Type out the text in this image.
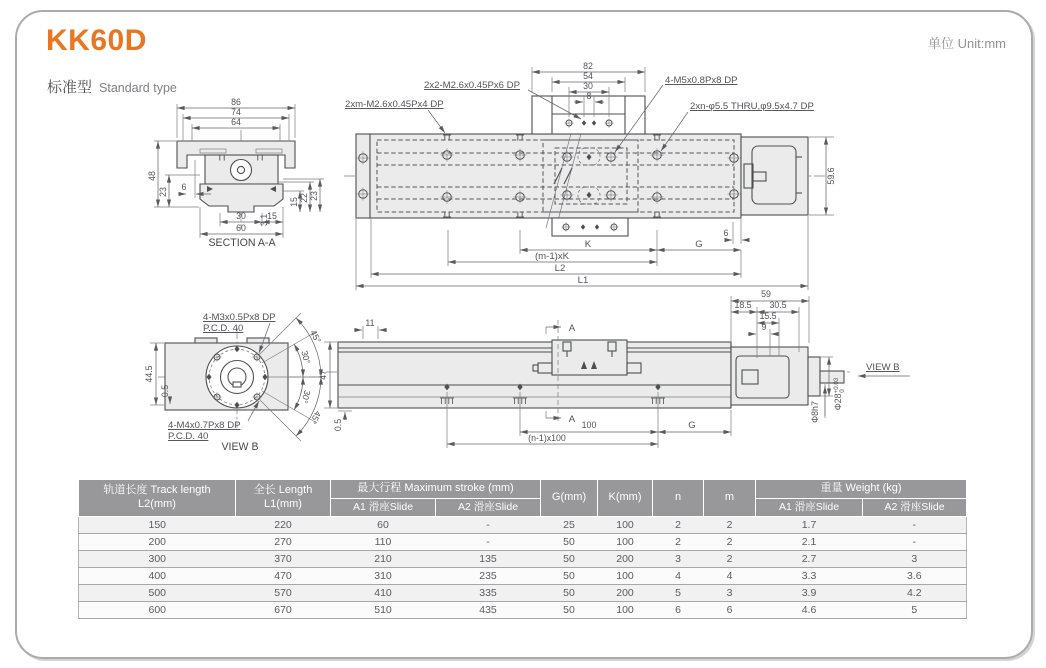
KK60D
标准型 Standard type
单位 Unit:mm
86
74
64
48
23 6
30 15
60
3.1
15 22 23
SECTION A-A
2xm-M2.6x0.45Px4 DP
2x2-M2.6x0.45Px6 DP	4-M5x0.8Px8 DP
2xn-φ5.5 THRU,φ9.5x4.7 DP
82
54
30
8
59.6
6
K	G
(m-1)xK
L2
L1
45°
30°
30°
45°
44.5
0.5
4-M3x0.5Px8 DP
P.C.D. 40
4-M4x0.7Px8 DP
P.C.D. 40
VIEW B
A
A
11
47
0.5	100
(n-1)x100
G
59
18.5 30.5
15.5
9
$\Phi 28^{+0.03}0$
Φ8h7
VIEW B
轨道长度 Track length
L2(mm)

全长 Length
L1(mm)
	最大行程 Maximum stroke (mm)	G(mm)	K(mm)	n	m	重量 Weight (kg)
		A1 滑座Slide	A2 滑座Slide					A1 滑座Slide	A2 滑座Slide
150	220	60	-	25	100	2	2	1.7	-
200	270	110	-	50	100	2	2	2.1	-
300	370	210	135	50	200	3	2	2.7	3
400	470	310	235	50	100	4	4	3.3	3.6
500	570	410	335	50	200	5	3	3.9	4.2
600	670	510	435	50	100	6	6	4.6	5
